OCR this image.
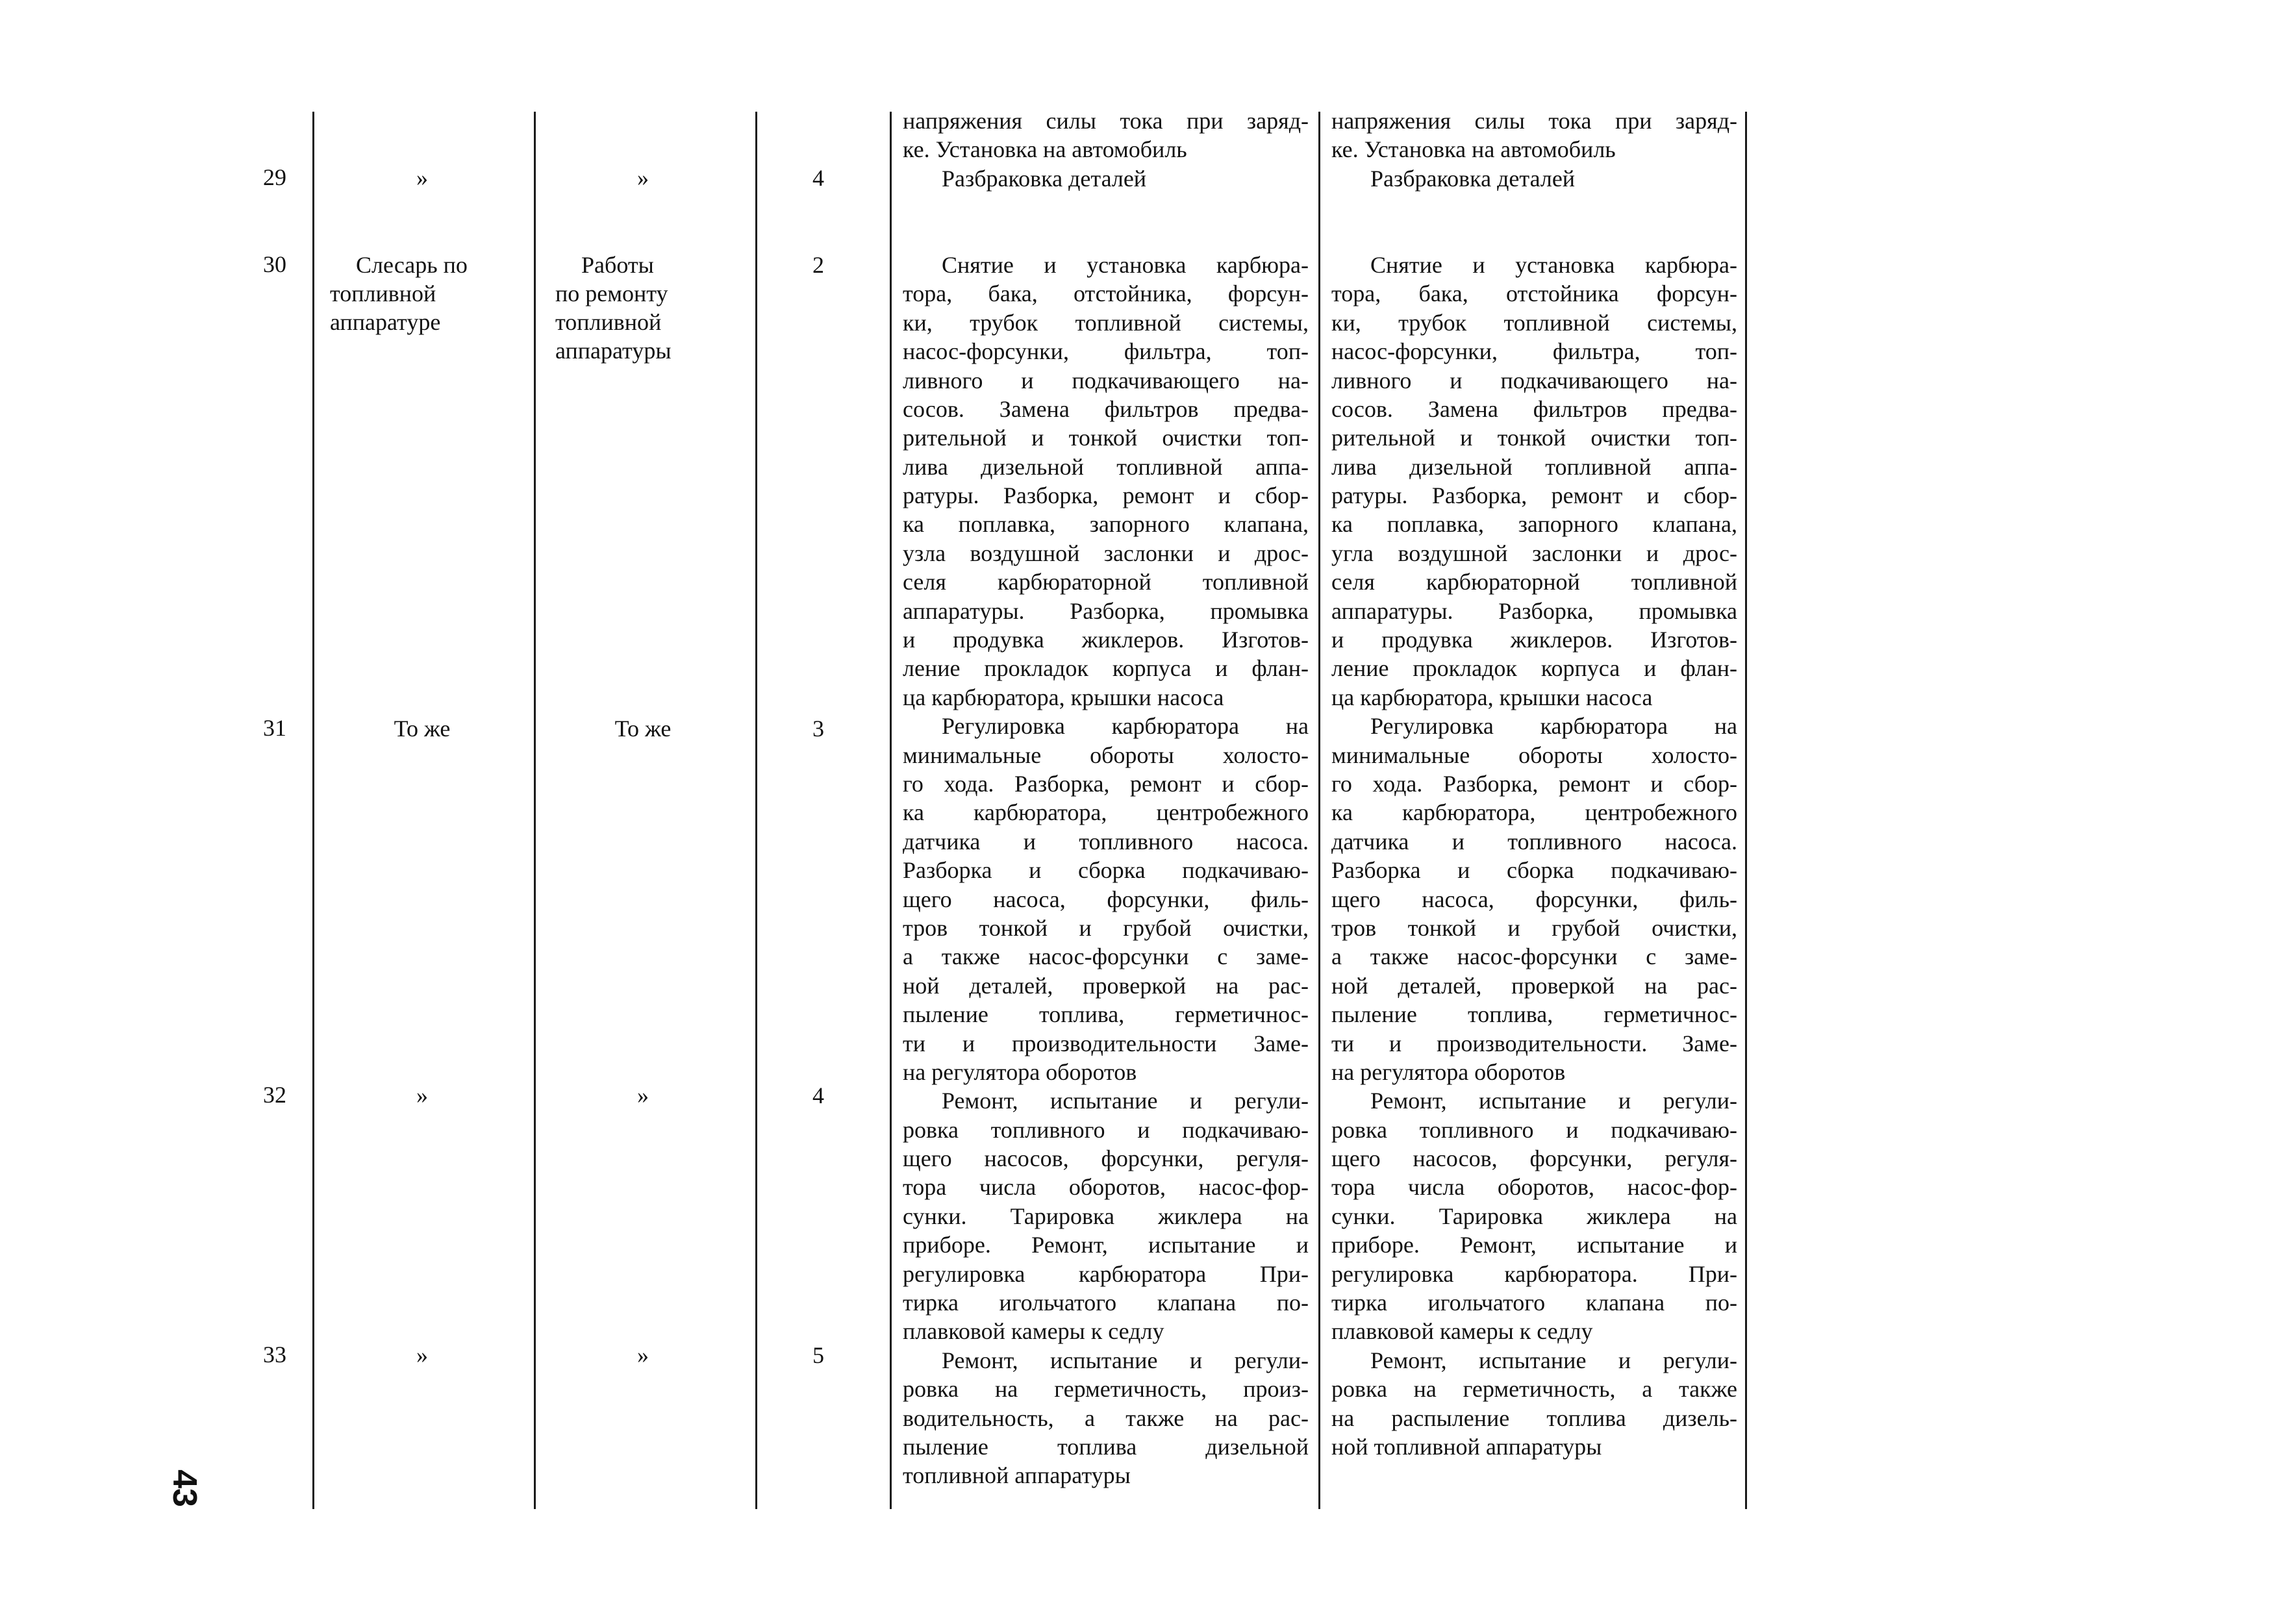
29
30
31
32
33
»
Слесарь по
топливной
аппаратуре
То же
»
»
»
Работы
по ремонту
топливной
аппаратуры
То же
»
»
4
2
3
4
5
напряжения силы тока при заряд-
ке. Установка на автомобиль
Разбраковка деталей

Снятие и установка карбюра-
тора, бака, отстойника, форсун-
ки, трубок топливной системы,
насос-форсунки, фильтра, топ-
ливного и подкачивающего на-
сосов. Замена фильтров предва-
рительной и тонкой очистки топ-
лива дизельной топливной аппа-
ратуры. Разборка, ремонт и сбор-
ка поплавка, запорного клапана,
узла воздушной заслонки и дрос-
селя карбюраторной топливной
аппаратуры. Разборка, промывка
и продувка жиклеров. Изготов-
ление прокладок корпуса и флан-
ца карбюратора, крышки насоса
Регулировка карбюратора на
минимальные обороты холосто-
го хода. Разборка, ремонт и сбор-
ка карбюратора, центробежного
датчика и топливного насоса.
Разборка и сборка подкачиваю-
щего насоса, форсунки, филь-
тров тонкой и грубой очистки,
а также насос-форсунки с заме-
ной деталей, проверкой на рас-
пыление топлива, герметичнос-
ти и производительности Заме-
на регулятора оборотов
Ремонт, испытание и регули-
ровка топливного и подкачиваю-
щего насосов, форсунки, регуля-
тора числа оборотов, насос-фор-
сунки. Тарировка жиклера на
приборе. Ремонт, испытание и
регулировка карбюратора При-
тирка игольчатого клапана по-
плавковой камеры к седлу
Ремонт, испытание и регули-
ровка на герметичность, произ-
водительность, а также на рас-
пыление топлива дизельной
топливной аппаратуры
напряжения силы тока при заряд-
ке. Установка на автомобиль
Разбраковка деталей

Снятие и установка карбюра-
тора, бака, отстойника форсун-
ки, трубок топливной системы,
насос-форсунки, фильтра, топ-
ливного и подкачивающего на-
сосов. Замена фильтров предва-
рительной и тонкой очистки топ-
лива дизельной топливной аппа-
ратуры. Разборка, ремонт и сбор-
ка поплавка, запорного клапана,
угла воздушной заслонки и дрос-
селя карбюраторной топливной
аппаратуры. Разборка, промывка
и продувка жиклеров. Изготов-
ление прокладок корпуса и флан-
ца карбюратора, крышки насоса
Регулировка карбюратора на
минимальные обороты холосто-
го хода. Разборка, ремонт и сбор-
ка карбюратора, центробежного
датчика и топливного насоса.
Разборка и сборка подкачиваю-
щего насоса, форсунки, филь-
тров тонкой и грубой очистки,
а также насос-форсунки с заме-
ной деталей, проверкой на рас-
пыление топлива, герметичнос-
ти и производительности. Заме-
на регулятора оборотов
Ремонт, испытание и регули-
ровка топливного и подкачиваю-
щего насосов, форсунки, регуля-
тора числа оборотов, насос-фор-
сунки. Тарировка жиклера на
приборе. Ремонт, испытание и
регулировка карбюратора. При-
тирка игольчатого клапана по-
плавковой камеры к седлу
Ремонт, испытание и регули-
ровка на герметичность, а также
на распыление топлива дизель-
ной топливной аппаратуры
43
